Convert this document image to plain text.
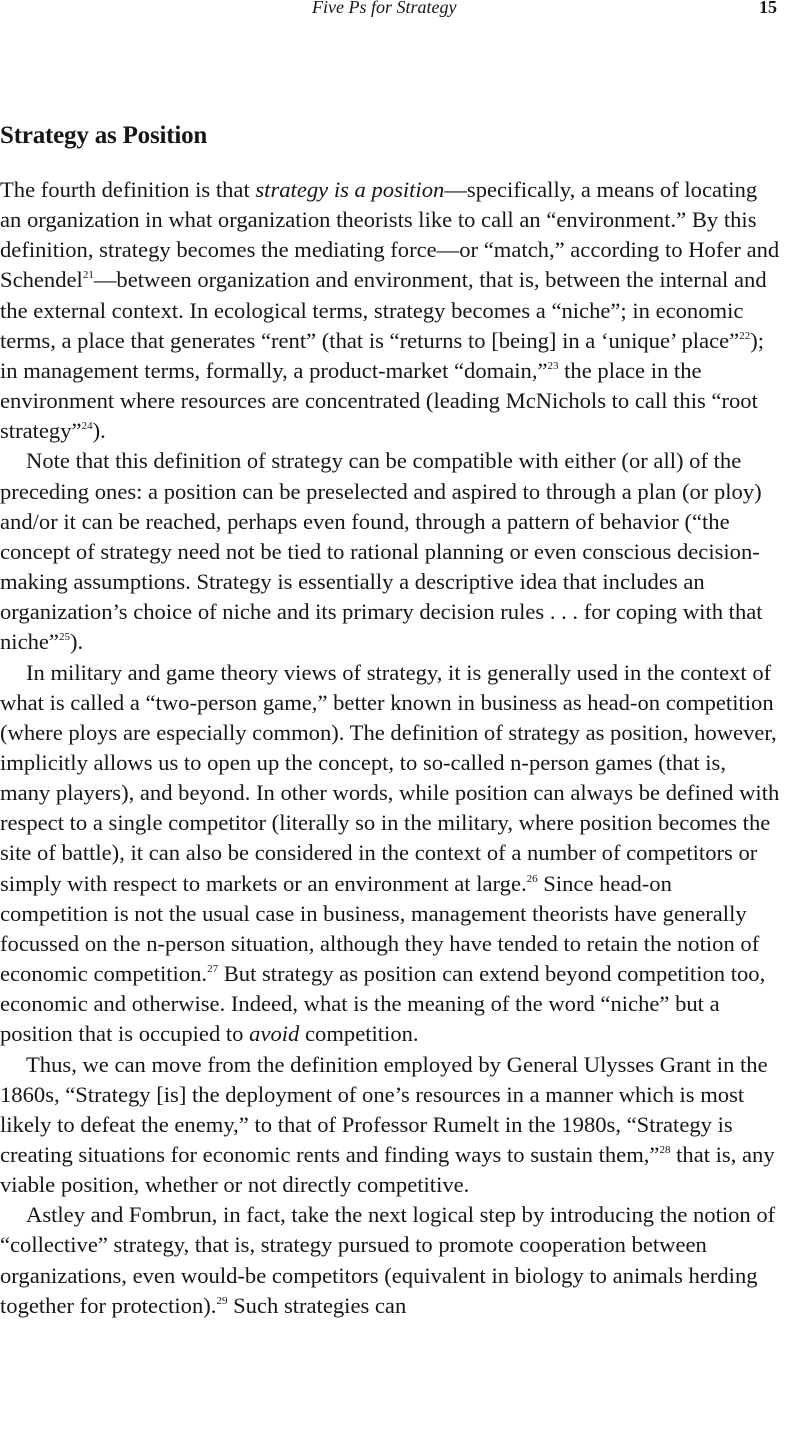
Five Ps for Strategy	15
Strategy as Position

The fourth definition is that strategy is a position—specifically, a means of locating an organization in what organization theorists like to call an “environment.” By this definition, strategy becomes the mediating force—or “match,” according to Hofer and Schendel$^{21}$—between organization and environment, that is, between the internal and the external context. In ecological terms, strategy becomes a “niche”; in economic terms, a place that generates “rent” (that is “returns to [being] in a ‘unique’ place”$^{22}$); in management terms, formally, a product-market “domain,”$^{23}$ the place in the environment where resources are concentrated (leading McNichols to call this “root strategy”$^{24}$).

Note that this definition of strategy can be compatible with either (or all) of the preceding ones: a position can be preselected and aspired to through a plan (or ploy) and/or it can be reached, perhaps even found, through a pattern of behavior (“the concept of strategy need not be tied to rational planning or even conscious decision-making assumptions. Strategy is essentially a descriptive idea that includes an organization’s choice of niche and its primary decision rules . . . for coping with that niche”$^{25}$).

In military and game theory views of strategy, it is generally used in the context of what is called a “two-person game,” better known in business as head-on competition (where ploys are especially common). The definition of strategy as position, however, implicitly allows us to open up the concept, to so-called n-person games (that is, many players), and beyond. In other words, while position can always be defined with respect to a single competitor (literally so in the military, where position becomes the site of battle), it can also be considered in the context of a number of competitors or simply with respect to markets or an environment at large.$^{26}$ Since head-on competition is not the usual case in business, management theorists have generally focussed on the n-person situation, although they have tended to retain the notion of economic competition.$^{27}$ But strategy as position can extend beyond competition too, economic and otherwise. Indeed, what is the meaning of the word “niche” but a position that is occupied to avoid competition.

Thus, we can move from the definition employed by General Ulysses Grant in the 1860s, “Strategy [is] the deployment of one’s resources in a manner which is most likely to defeat the enemy,” to that of Professor Rumelt in the 1980s, “Strategy is creating situations for economic rents and finding ways to sustain them,”$^{28}$ that is, any viable position, whether or not directly competitive.

Astley and Fombrun, in fact, take the next logical step by introducing the notion of “collective” strategy, that is, strategy pursued to promote cooperation between organizations, even would-be competitors (equivalent in biology to animals herding together for protection).$^{29}$ Such strategies can
